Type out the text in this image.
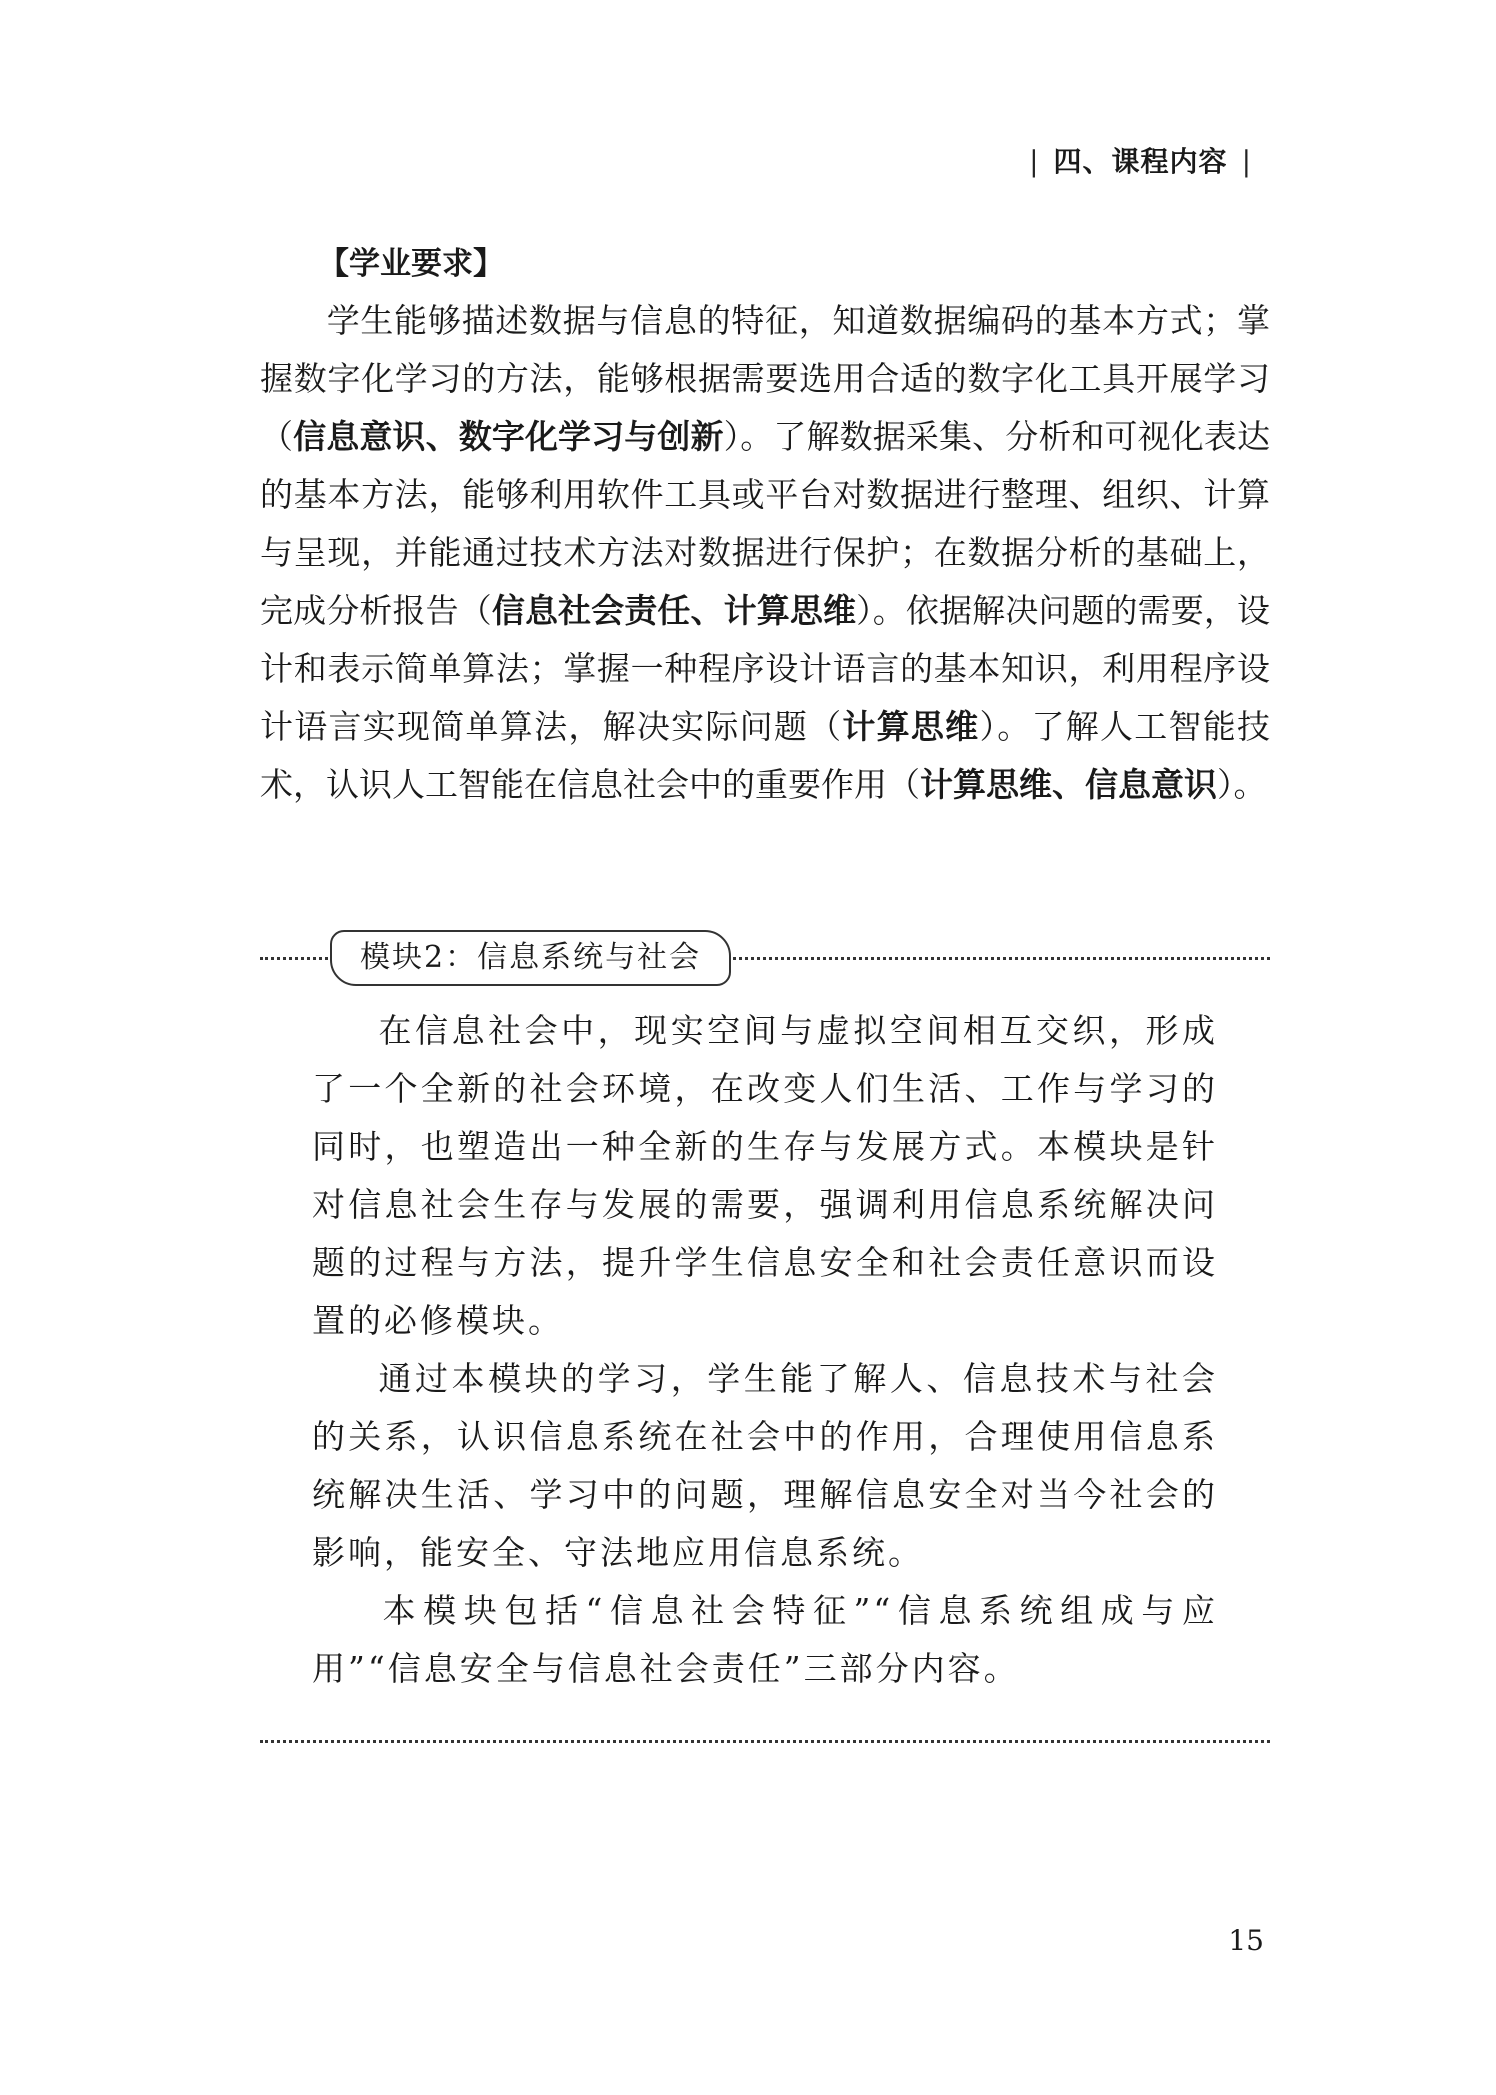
| 四、课程内容 |
【学业要求】

学生能够描述数据与信息的特征，知道数据编码的基本方式；掌握数字化学习的方法，能够根据需要选用合适的数字化工具开展学习（信息意识、数字化学习与创新）。了解数据采集、分析和可视化表达的基本方法，能够利用软件工具或平台对数据进行整理、组织、计算与呈现，并能通过技术方法对数据进行保护；在数据分析的基础上，完成分析报告（信息社会责任、计算思维）。依据解决问题的需要，设计和表示简单算法；掌握一种程序设计语言的基本知识，利用程序设计语言实现简单算法，解决实际问题（计算思维）。了解人工智能技术，认识人工智能在信息社会中的重要作用（计算思维、信息意识）。

模块2：信息系统与社会

在信息社会中，现实空间与虚拟空间相互交织，形成了一个全新的社会环境，在改变人们生活、工作与学习的同时，也塑造出一种全新的生存与发展方式。本模块是针对信息社会生存与发展的需要，强调利用信息系统解决问题的过程与方法，提升学生信息安全和社会责任意识而设置的必修模块。

通过本模块的学习，学生能了解人、信息技术与社会的关系，认识信息系统在社会中的作用，合理使用信息系统解决生活、学习中的问题，理解信息安全对当今社会的影响，能安全、守法地应用信息系统。

本模块包括“信息社会特征”“信息系统组成与应用”“信息安全与信息社会责任”三部分内容。

15
